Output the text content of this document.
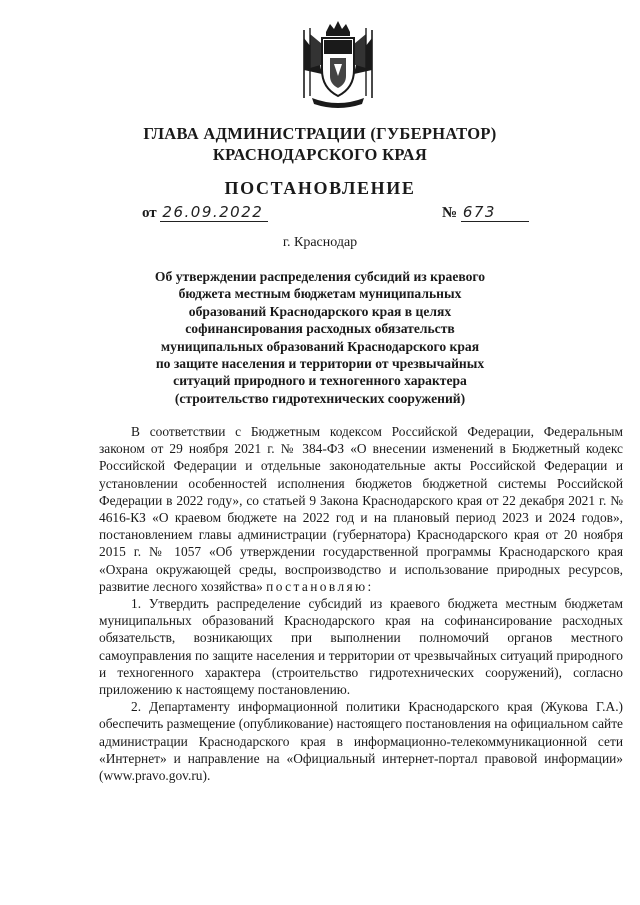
ГЛАВА АДМИНИСТРАЦИИ (ГУБЕРНАТОР)
КРАСНОДАРСКОГО КРАЯ
ПОСТАНОВЛЕНИЕ
от 26.09.2022	№ 673
г. Краснодар
Об утверждении распределения субсидий из краевого
бюджета местным бюджетам муниципальных
образований Краснодарского края в целях
софинансирования расходных обязательств
муниципальных образований Краснодарского края
по защите населения и территории от чрезвычайных
ситуаций природного и техногенного характера
(строительство гидротехнических сооружений)

В соответствии с Бюджетным кодексом Российской Федерации, Федеральным законом от 29 ноября 2021 г. № 384-ФЗ «О внесении изменений в Бюджетный кодекс Российской Федерации и отдельные законодательные акты Российской Федерации и установлении особенностей исполнения бюджетов бюджетной системы Российской Федерации в 2022 году», со статьей 9 Закона Краснодарского края от 22 декабря 2021 г. № 4616-КЗ «О краевом бюджете на 2022 год и на плановый период 2023 и 2024 годов», постановлением главы администрации (губернатора) Краснодарского края от 20 ноября 2015 г. № 1057 «Об утверждении государственной программы Краснодарского края «Охрана окружающей среды, воспроизводство и использование природных ресурсов, развитие лесного хозяйства» постановляю:

1. Утвердить распределение субсидий из краевого бюджета местным бюджетам муниципальных образований Краснодарского края на софинансирование расходных обязательств, возникающих при выполнении полномочий органов местного самоуправления по защите населения и территории от чрезвычайных ситуаций природного и техногенного характера (строительство гидротехнических сооружений), согласно приложению к настоящему постановлению.

2. Департаменту информационной политики Краснодарского края (Жукова Г.А.) обеспечить размещение (опубликование) настоящего постановления на официальном сайте администрации Краснодарского края в информационно-телекоммуникационной сети «Интернет» и направление на «Официальный интернет-портал правовой информации» (www.pravo.gov.ru).
